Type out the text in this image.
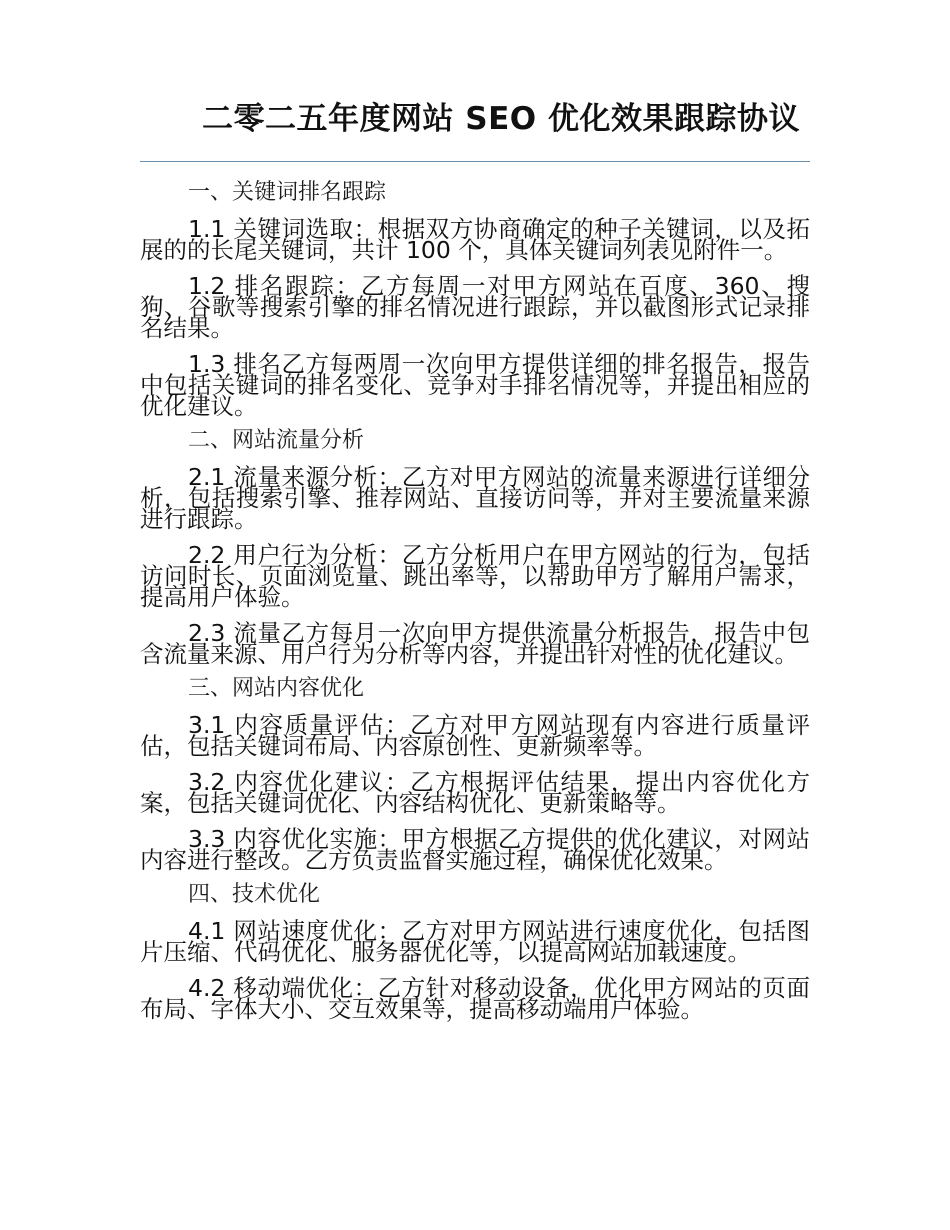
二零二五年度网站 SEO 优化效果跟踪协议
一、关键词排名跟踪

1.1 关键词选取：根据双方协商确定的种子关键词，以及拓展的的长尾关键词，共计 100 个，具体关键词列表见附件一。

1.2 排名跟踪：乙方每周一对甲方网站在百度、360、搜狗、谷歌等搜索引擎的排名情况进行跟踪，并以截图形式记录排名结果。

1.3 排名乙方每两周一次向甲方提供详细的排名报告，报告中包括关键词的排名变化、竞争对手排名情况等，并提出相应的优化建议。

二、网站流量分析

2.1 流量来源分析：乙方对甲方网站的流量来源进行详细分析，包括搜索引擎、推荐网站、直接访问等，并对主要流量来源进行跟踪。

2.2 用户行为分析：乙方分析用户在甲方网站的行为，包括访问时长、页面浏览量、跳出率等，以帮助甲方了解用户需求，提高用户体验。

2.3 流量乙方每月一次向甲方提供流量分析报告，报告中包含流量来源、用户行为分析等内容，并提出针对性的优化建议。

三、网站内容优化

3.1 内容质量评估：乙方对甲方网站现有内容进行质量评估，包括关键词布局、内容原创性、更新频率等。

3.2 内容优化建议：乙方根据评估结果，提出内容优化方案，包括关键词优化、内容结构优化、更新策略等。

3.3 内容优化实施：甲方根据乙方提供的优化建议，对网站内容进行整改。乙方负责监督实施过程，确保优化效果。

四、技术优化

4.1 网站速度优化：乙方对甲方网站进行速度优化，包括图片压缩、代码优化、服务器优化等，以提高网站加载速度。

4.2 移动端优化：乙方针对移动设备，优化甲方网站的页面布局、字体大小、交互效果等，提高移动端用户体验。
